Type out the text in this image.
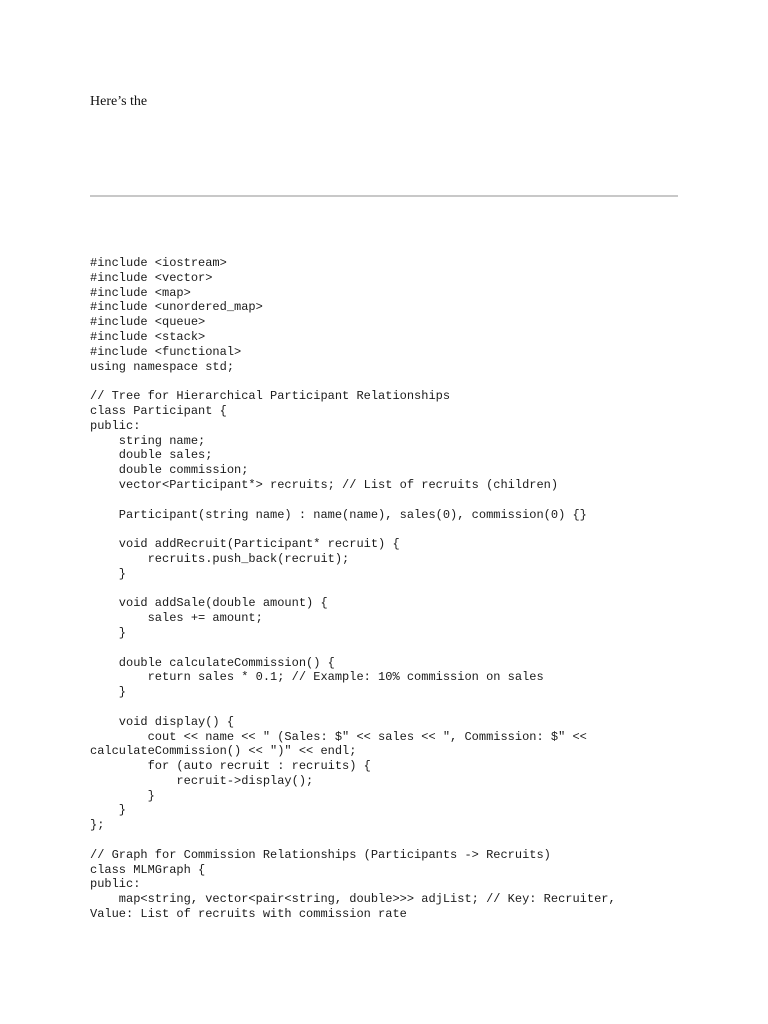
Here’s the

#include <iostream>
#include <vector>
#include <map>
#include <unordered_map>
#include <queue>
#include <stack>
#include <functional>
using namespace std;
// Tree for Hierarchical Participant Relationships
class Participant {
public:
string name;
double sales;
double commission;
vector<Participant*> recruits; // List of recruits (children)
Participant(string name) : name(name), sales(0), commission(0) {}
void addRecruit(Participant* recruit) {
recruits.push_back(recruit);
}
void addSale(double amount) {
sales += amount;
}
double calculateCommission() {
return sales * 0.1; // Example: 10% commission on sales
}
void display() {
cout << name << " (Sales: $" << sales << ", Commission: $" <<
calculateCommission() << ")" << endl;
for (auto recruit : recruits) {
recruit->display();
}
}
};
// Graph for Commission Relationships (Participants -> Recruits)
class MLMGraph {
public:
map<string, vector<pair<string, double>>> adjList; // Key: Recruiter,
Value: List of recruits with commission rate
